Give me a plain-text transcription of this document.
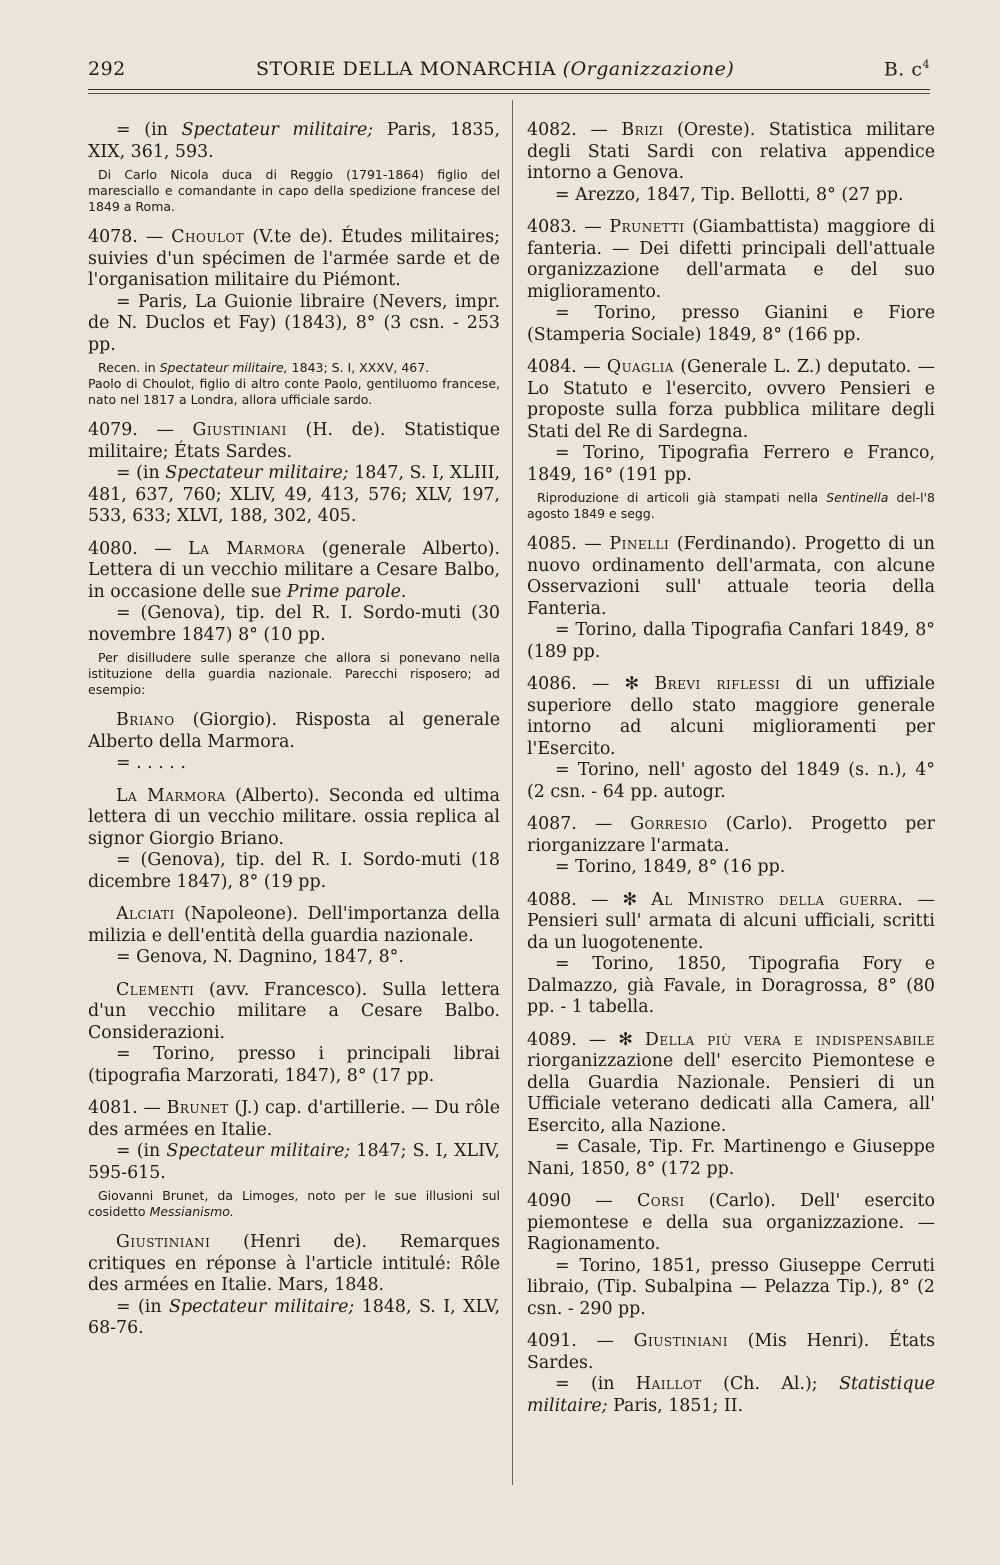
292	STORIE DELLA MONARCHIA (Organizzazione)	B. $c^4$

= (in Spectateur militaire; Paris, 1835, XIX, 361, 593.

Di Carlo Nicola duca di Reggio (1791-1864) figlio del maresciallo e comandante in capo della spedizione francese del 1849 a Roma.

4078. — Choulot (V.te de). Études militaires; suivies d'un spécimen de l'armée sarde et de l'organisation militaire du Piémont.

= Paris, La Guionie libraire (Nevers, impr. de N. Duclos et Fay) (1843), 8° (3 csn. - 253 pp.

Recen. in Spectateur militaire, 1843; S. I, XXXV, 467.
Paolo di Choulot, figlio di altro conte Paolo, gentiluomo francese, nato nel 1817 a Londra, allora ufficiale sardo.

4079. — Giustiniani (H. de). Statistique militaire; États Sardes.

= (in Spectateur militaire; 1847, S. I, XLIII, 481, 637, 760; XLIV, 49, 413, 576; XLV, 197, 533, 633; XLVI, 188, 302, 405.

4080. — La Marmora (generale Alberto). Lettera di un vecchio militare a Cesare Balbo, in occasione delle sue Prime parole.

= (Genova), tip. del R. I. Sordo-muti (30 novembre 1847) 8° (10 pp.

Per disilludere sulle speranze che allora si ponevano nella istituzione della guardia nazionale. Parecchi risposero; ad esempio:

Briano (Giorgio). Risposta al generale Alberto della Marmora.

= . . . . .

La Marmora (Alberto). Seconda ed ultima lettera di un vecchio militare. ossia replica al signor Giorgio Briano.

= (Genova), tip. del R. I. Sordo-muti (18 dicembre 1847), 8° (19 pp.

Alciati (Napoleone). Dell'importanza della milizia e dell'entità della guardia nazionale.

= Genova, N. Dagnino, 1847, 8°.

Clementi (avv. Francesco). Sulla lettera d'un vecchio militare a Cesare Balbo. Considerazioni.

= Torino, presso i principali librai (tipografia Marzorati, 1847), 8° (17 pp.

4081. — Brunet (J.) cap. d'artillerie. — Du rôle des armées en Italie.

= (in Spectateur militaire; 1847; S. I, XLIV, 595-615.

Giovanni Brunet, da Limoges, noto per le sue illusioni sul cosidetto Messianismo.

Giustiniani (Henri de). Remarques critiques en réponse à l'article intitulé: Rôle des armées en Italie. Mars, 1848.

= (in Spectateur militaire; 1848, S. I, XLV, 68-76.

4082. — Brizi (Oreste). Statistica militare degli Stati Sardi con relativa appendice intorno a Genova.

= Arezzo, 1847, Tip. Bellotti, 8° (27 pp.

4083. — Prunetti (Giambattista) maggiore di fanteria. — Dei difetti principali dell'attuale organizzazione dell'armata e del suo miglioramento.

= Torino, presso Gianini e Fiore (Stamperia Sociale) 1849, 8° (166 pp.

4084. — Quaglia (Generale L. Z.) deputato. — Lo Statuto e l'esercito, ovvero Pensieri e proposte sulla forza pubblica militare degli Stati del Re di Sardegna.

= Torino, Tipografia Ferrero e Franco, 1849, 16° (191 pp.

Riproduzione di articoli già stampati nella Sentinella del-l'8 agosto 1849 e segg.

4085. — Pinelli (Ferdinando). Progetto di un nuovo ordinamento dell'armata, con alcune Osservazioni sull' attuale teoria della Fanteria.

= Torino, dalla Tipografia Canfari 1849, 8° (189 pp.

4086. — ✻ Brevi riflessi di un uffiziale superiore dello stato maggiore generale intorno ad alcuni miglioramenti per l'Esercito.

= Torino, nell' agosto del 1849 (s. n.), 4° (2 csn. - 64 pp. autogr.

4087. — Gorresio (Carlo). Progetto per riorganizzare l'armata.

= Torino, 1849, 8° (16 pp.

4088. — ✻ Al Ministro della guerra. — Pensieri sull' armata di alcuni ufficiali, scritti da un luogotenente.

= Torino, 1850, Tipografia Fory e Dalmazzo, già Favale, in Doragrossa, 8° (80 pp. - 1 tabella.

4089. — ✻ Della più vera e indispensabile riorganizzazione dell' esercito Piemontese e della Guardia Nazionale. Pensieri di un Ufficiale veterano dedicati alla Camera, all' Esercito, alla Nazione.

= Casale, Tip. Fr. Martinengo e Giuseppe Nani, 1850, 8° (172 pp.

4090 — Corsi (Carlo). Dell' esercito piemontese e della sua organizzazione. — Ragionamento.

= Torino, 1851, presso Giuseppe Cerruti libraio, (Tip. Subalpina — Pelazza Tip.), 8° (2 csn. - 290 pp.

4091. — Giustiniani (Mis Henri). États Sardes.

= (in Haillot (Ch. Al.); Statistique militaire; Paris, 1851; II.
